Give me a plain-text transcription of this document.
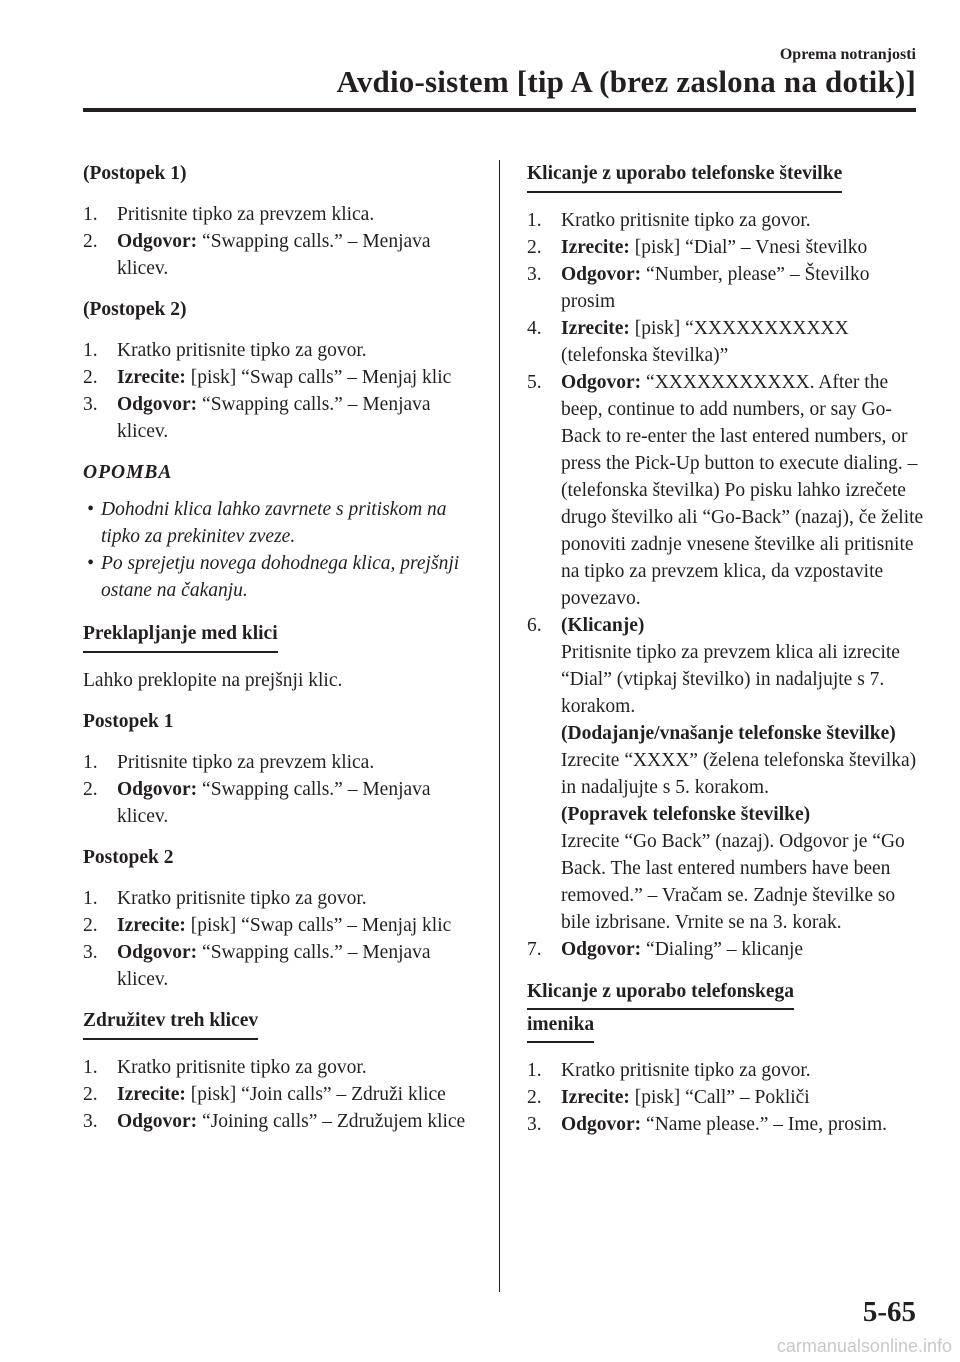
Oprema notranjosti
Avdio-sistem [tip A (brez zaslona na dotik)]

(Postopek 1)

1. Pritisnite tipko za prevzem klica.
2. Odgovor: “Swapping calls.” – Menjava klicev.

(Postopek 2)

1. Kratko pritisnite tipko za govor.
2. Izrecite: [pisk] “Swap calls” – Menjaj klic
3. Odgovor: “Swapping calls.” – Menjava klicev.

OPOMBA

• Dohodni klica lahko zavrnete s pritiskom na tipko za prekinitev zveze.

• Po sprejetju novega dohodnega klica, prejšnji ostane na čakanju.

Preklapljanje med klici

Lahko preklopite na prejšnji klic.

Postopek 1

1. Pritisnite tipko za prevzem klica.
2. Odgovor: “Swapping calls.” – Menjava klicev.

Postopek 2

1. Kratko pritisnite tipko za govor.
2. Izrecite: [pisk] “Swap calls” – Menjaj klic
3. Odgovor: “Swapping calls.” – Menjava klicev.

Združitev treh klicev

1. Kratko pritisnite tipko za govor.
2. Izrecite: [pisk] “Join calls” – Združi klice
3. Odgovor: “Joining calls” – Združujem klice

Klicanje z uporabo telefonske številke

1. Kratko pritisnite tipko za govor.
2. Izrecite: [pisk] “Dial” – Vnesi številko
3. Odgovor: “Number, please” – Številko prosim
4. Izrecite: [pisk] “XXXXXXXXXXX (telefonska številka)”
5. Odgovor: “XXXXXXXXXXX. After the beep, continue to add numbers, or say Go-Back to re-enter the last entered numbers, or press the Pick-Up button to execute dialing. – (telefonska številka) Po pisku lahko izrečete drugo številko ali “Go-Back” (nazaj), če želite ponoviti zadnje vnesene številke ali pritisnite na tipko za prevzem klica, da vzpostavite povezavo.
6. (Klicanje)
Pritisnite tipko za prevzem klica ali izrecite “Dial” (vtipkaj številko) in nadaljujte s 7. korakom.
(Dodajanje/vnašanje telefonske številke)
Izrecite “XXXX” (želena telefonska številka) in nadaljujte s 5. korakom.
(Popravek telefonske številke)
Izrecite “Go Back” (nazaj). Odgovor je “Go Back. The last entered numbers have been removed.” – Vračam se. Zadnje številke so bile izbrisane. Vrnite se na 3. korak.
7. Odgovor: “Dialing” – klicanje

Klicanje z uporabo telefonskega
imenika

1. Kratko pritisnite tipko za govor.
2. Izrecite: [pisk] “Call” – Pokliči
3. Odgovor: “Name please.” – Ime, prosim.
5-65
carmanualsonline.info
